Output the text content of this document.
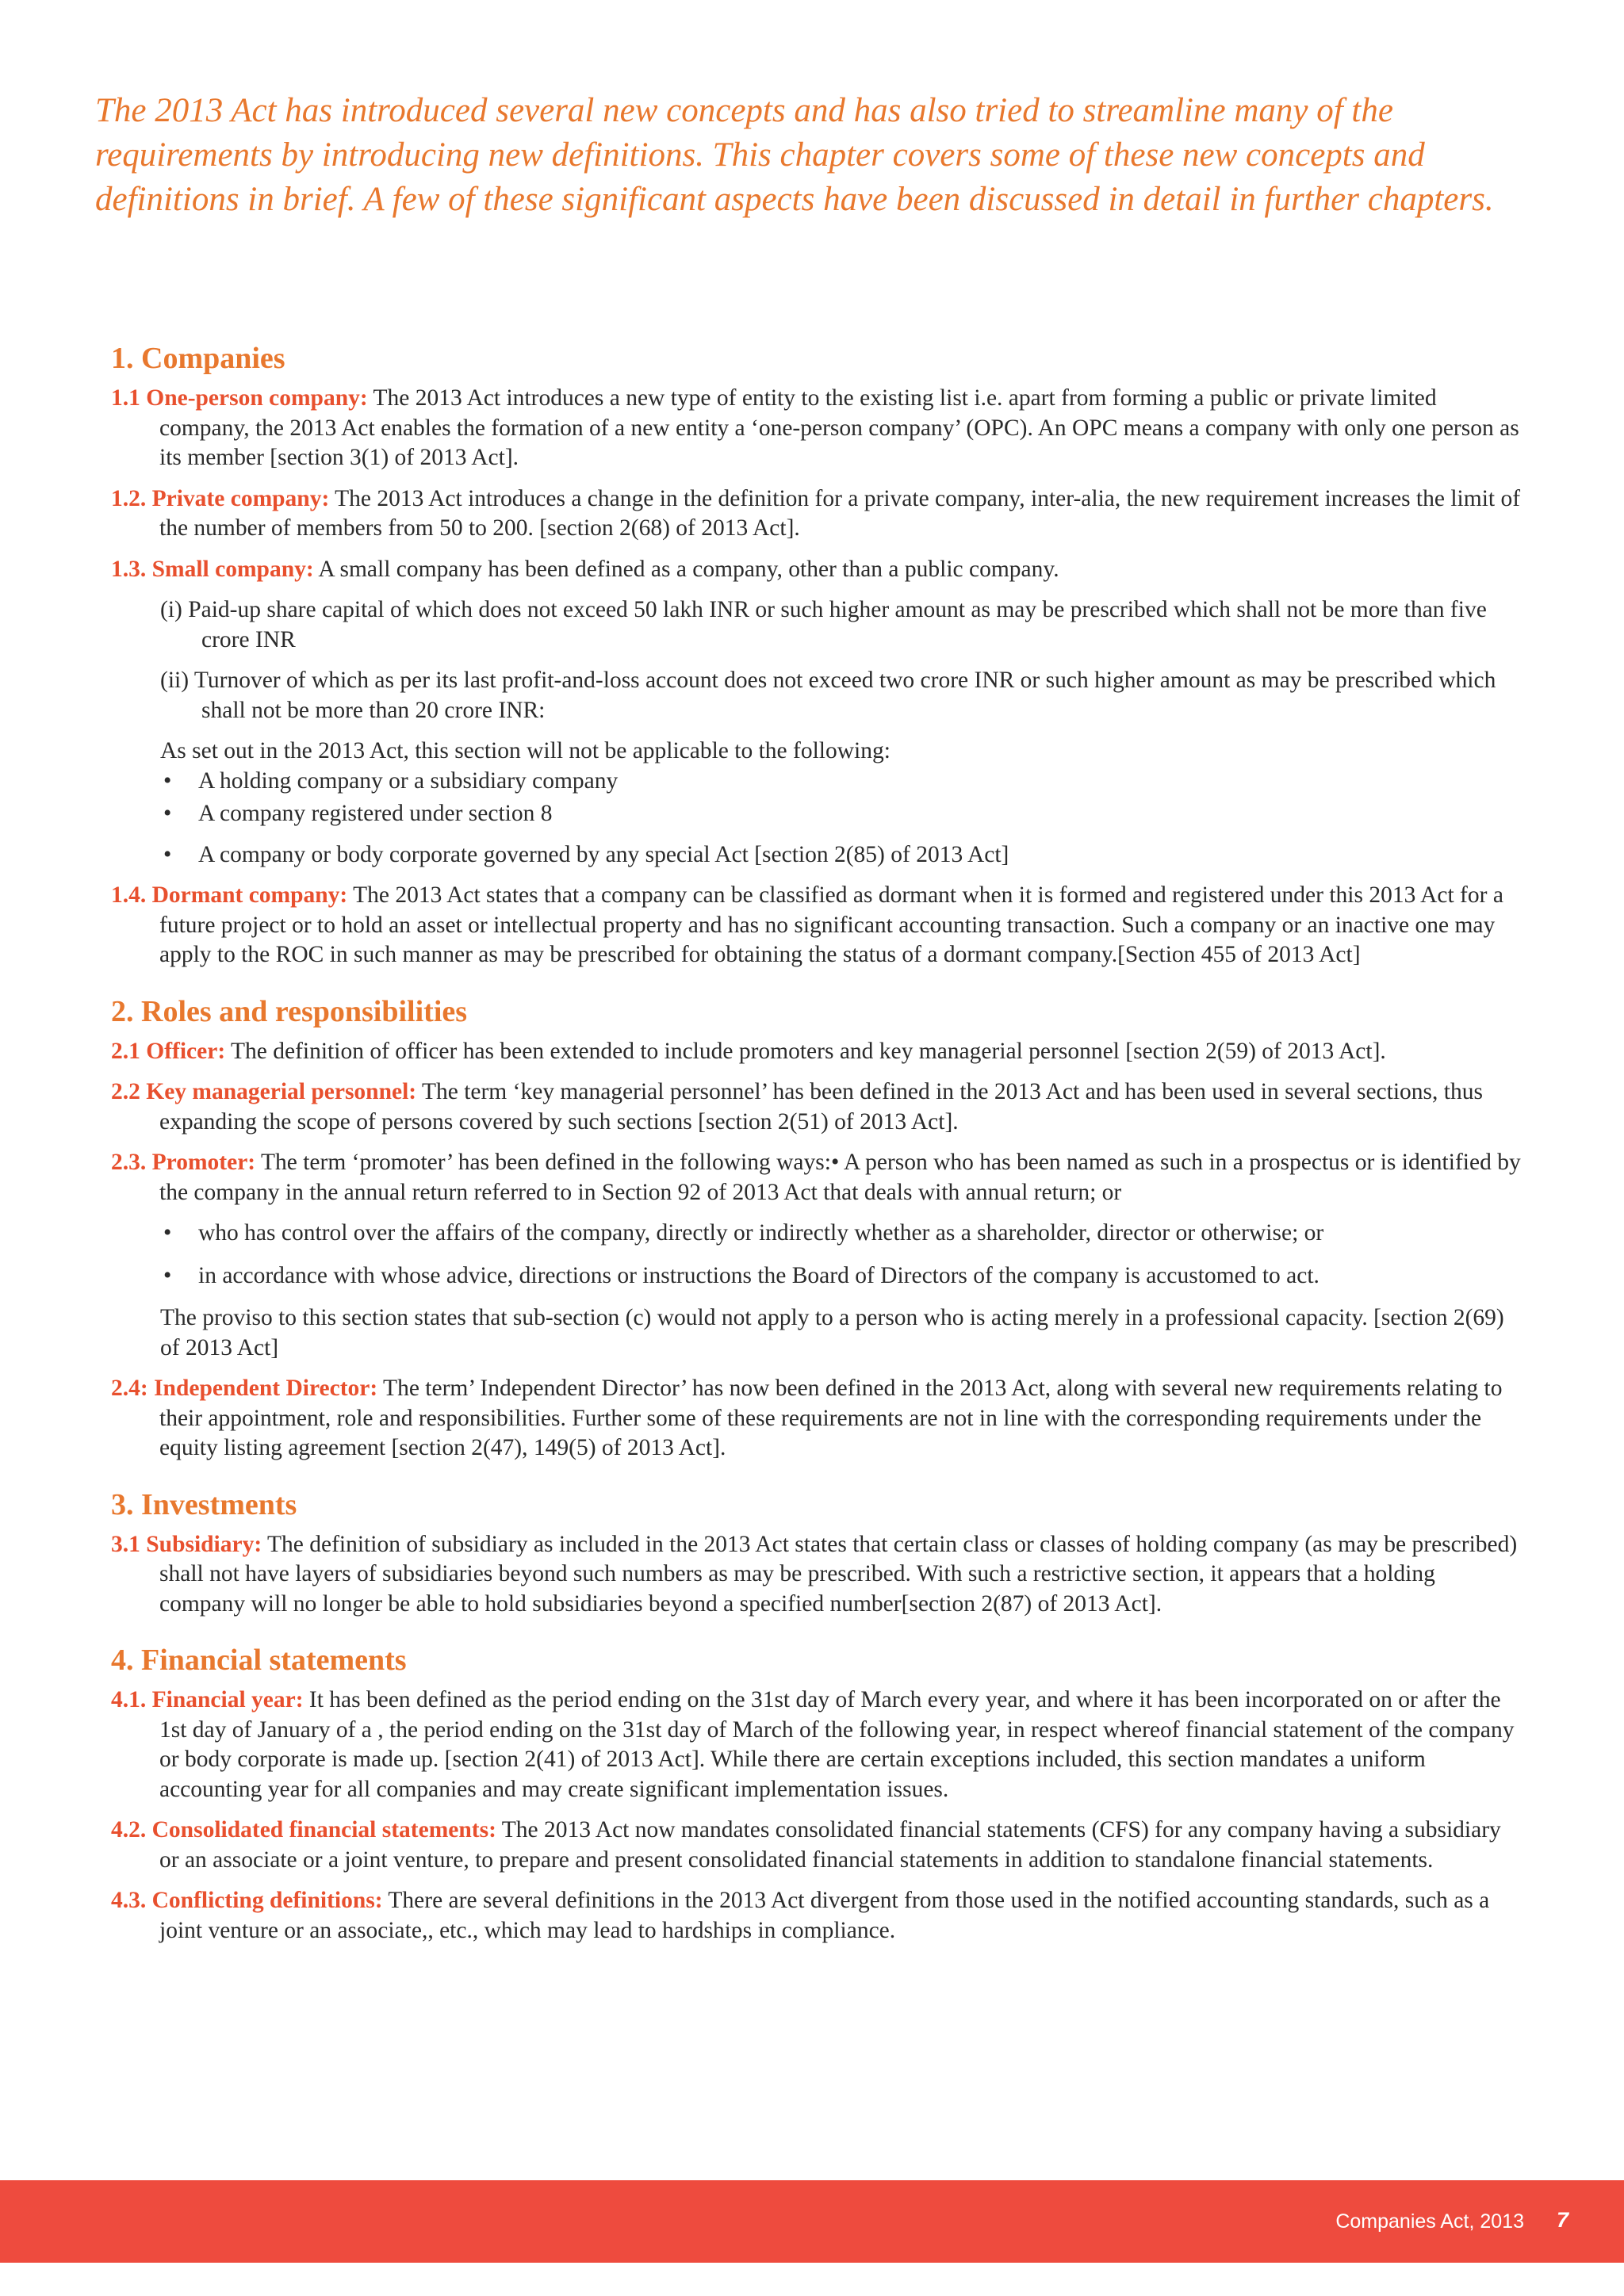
The 2013 Act has introduced several new concepts and has also tried to streamline many of the requirements by introducing new definitions. This chapter covers some of these new concepts and definitions in brief. A few of these significant aspects have been discussed in detail in further chapters.

1. Companies

1.1 One-person company: The 2013 Act introduces a new type of entity to the existing list i.e. apart from forming a public or private limited company, the 2013 Act enables the formation of a new entity a ‘one-person company’ (OPC). An OPC means a company with only one person as its member [section 3(1) of 2013 Act].

1.2. Private company: The 2013 Act introduces a change in the definition for a private company, inter-alia, the new requirement increases the limit of the number of members from 50 to 200. [section 2(68) of 2013 Act].

1.3. Small company: A small company has been defined as a company, other than a public company.

(i) Paid-up share capital of which does not exceed 50 lakh INR or such higher amount as may be prescribed which shall not be more than five crore INR

(ii) Turnover of which as per its last profit-and-loss account does not exceed two crore INR or such higher amount as may be prescribed which shall not be more than 20 crore INR:

As set out in the 2013 Act, this section will not be applicable to the following:

• A holding company or a subsidiary company
• A company registered under section 8
• A company or body corporate governed by any special Act [section 2(85) of 2013 Act]

1.4. Dormant company: The 2013 Act states that a company can be classified as dormant when it is formed and registered under this 2013 Act for a future project or to hold an asset or intellectual property and has no significant accounting transaction. Such a company or an inactive one may apply to the ROC in such manner as may be prescribed for obtaining the status of a dormant company.[Section 455 of 2013 Act]

2. Roles and responsibilities

2.1 Officer: The definition of officer has been extended to include promoters and key managerial personnel [section 2(59) of 2013 Act].

2.2 Key managerial personnel: The term ‘key managerial personnel’ has been defined in the 2013 Act and has been used in several sections, thus expanding the scope of persons covered by such sections [section 2(51) of 2013 Act].

2.3. Promoter: The term ‘promoter’ has been defined in the following ways:• A person who has been named as such in a prospectus or is identified by the company in the annual return referred to in Section 92 of 2013 Act that deals with annual return; or

• who has control over the affairs of the company, directly or indirectly whether as a shareholder, director or otherwise; or
• in accordance with whose advice, directions or instructions the Board of Directors of the company is accustomed to act.

The proviso to this section states that sub-section (c) would not apply to a person who is acting merely in a professional capacity. [section 2(69) of 2013 Act]

2.4: Independent Director: The term’ Independent Director’ has now been defined in the 2013 Act, along with several new requirements relating to their appointment, role and responsibilities. Further some of these requirements are not in line with the corresponding requirements under the equity listing agreement [section 2(47), 149(5) of 2013 Act].

3. Investments

3.1 Subsidiary: The definition of subsidiary as included in the 2013 Act states that certain class or classes of holding company (as may be prescribed) shall not have layers of subsidiaries beyond such numbers as may be prescribed. With such a restrictive section, it appears that a holding company will no longer be able to hold subsidiaries beyond a specified number[section 2(87) of 2013 Act].

4. Financial statements

4.1. Financial year: It has been defined as the period ending on the 31st day of March every year, and where it has been incorporated on or after the 1st day of January of a , the period ending on the 31st day of March of the following year, in respect whereof financial statement of the company or body corporate is made up. [section 2(41) of 2013 Act]. While there are certain exceptions included, this section mandates a uniform accounting year for all companies and may create significant implementation issues.

4.2. Consolidated financial statements: The 2013 Act now mandates consolidated financial statements (CFS) for any company having a subsidiary or an associate or a joint venture, to prepare and present consolidated financial statements in addition to standalone financial statements.

4.3. Conflicting definitions: There are several definitions in the 2013 Act divergent from those used in the notified accounting standards, such as a joint venture or an associate,, etc., which may lead to hardships in compliance.

Companies Act, 2013 7
